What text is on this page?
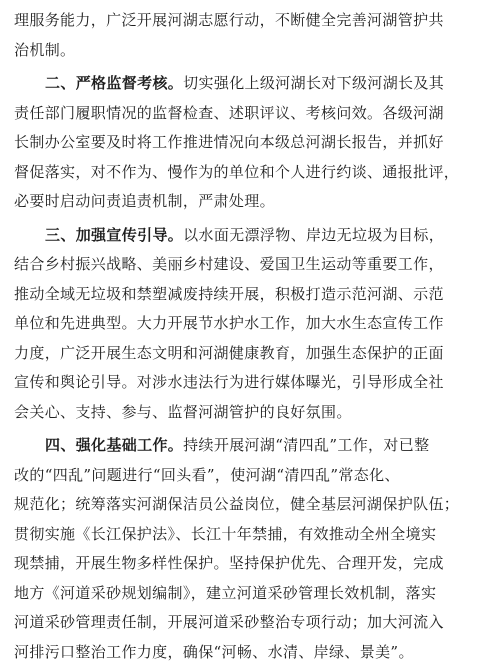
理服务能力，广泛开展河湖志愿行动，不断健全完善河湖管护共
治机制。
二、严格监督考核。切实强化上级河湖长对下级河湖长及其
责任部门履职情况的监督检查、述职评议、考核问效。各级河湖
长制办公室要及时将工作推进情况向本级总河湖长报告，并抓好
督促落实，对不作为、慢作为的单位和个人进行约谈、通报批评，
必要时启动问责追责机制，严肃处理。
三、加强宣传引导。以水面无漂浮物、岸边无垃圾为目标，
结合乡村振兴战略、美丽乡村建设、爱国卫生运动等重要工作，
推动全域无垃圾和禁塑减废持续开展，积极打造示范河湖、示范
单位和先进典型。大力开展节水护水工作，加大水生态宣传工作
力度，广泛开展生态文明和河湖健康教育，加强生态保护的正面
宣传和舆论引导。对涉水违法行为进行媒体曝光，引导形成全社
会关心、支持、参与、监督河湖管护的良好氛围。
四、强化基础工作。持续开展河湖“清四乱”工作，对已整
改的“四乱”问题进行“回头看”，使河湖“清四乱”常态化、
规范化；统筹落实河湖保洁员公益岗位，健全基层河湖保护队伍；
贯彻实施《长江保护法》、长江十年禁捕，有效推动全州全境实
现禁捕，开展生物多样性保护。坚持保护优先、合理开发，完成
地方《河道采砂规划编制》，建立河道采砂管理长效机制，落实
河道采砂管理责任制，开展河道采砂整治专项行动；加大河流入
河排污口整治工作力度，确保“河畅、水清、岸绿、景美”。
